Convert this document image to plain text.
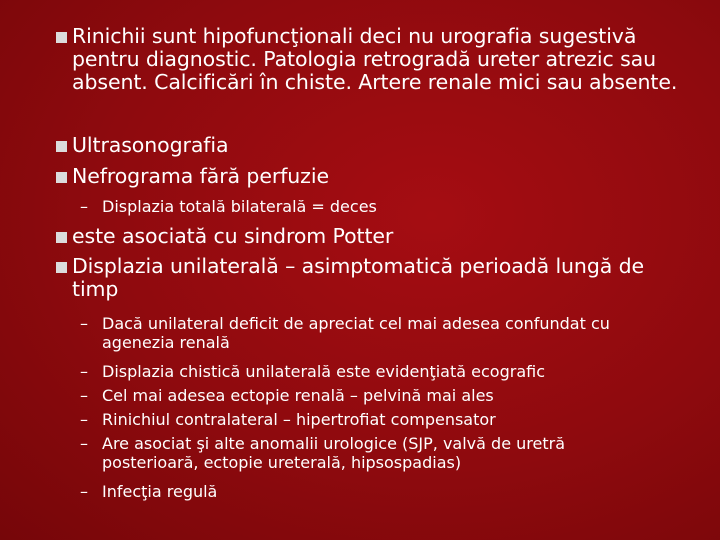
Rinichii sunt hipofuncţionali deci nu urografia sugestivă pentru diagnostic. Patologia retrogradă ureter atrezic sau absent. Calcificări în chiste. Artere renale mici sau absente.
Ultrasonografia
Nefrograma fără perfuzie
– Displazia totală bilaterală = deces
este asociată cu sindrom Potter
Displazia unilaterală – asimptomatică perioadă lungă de timp
– Dacă unilateral deficit de apreciat cel mai adesea confundat cu agenezia renală
– Displazia chistică unilaterală este evidenţiată ecografic
– Cel mai adesea ectopie renală – pelvină mai ales
– Rinichiul contralateral – hipertrofiat compensator
– Are asociat şi alte anomalii urologice (SJP, valvă de uretră posterioară, ectopie ureterală, hipsospadias)
– Infecţia regulă
